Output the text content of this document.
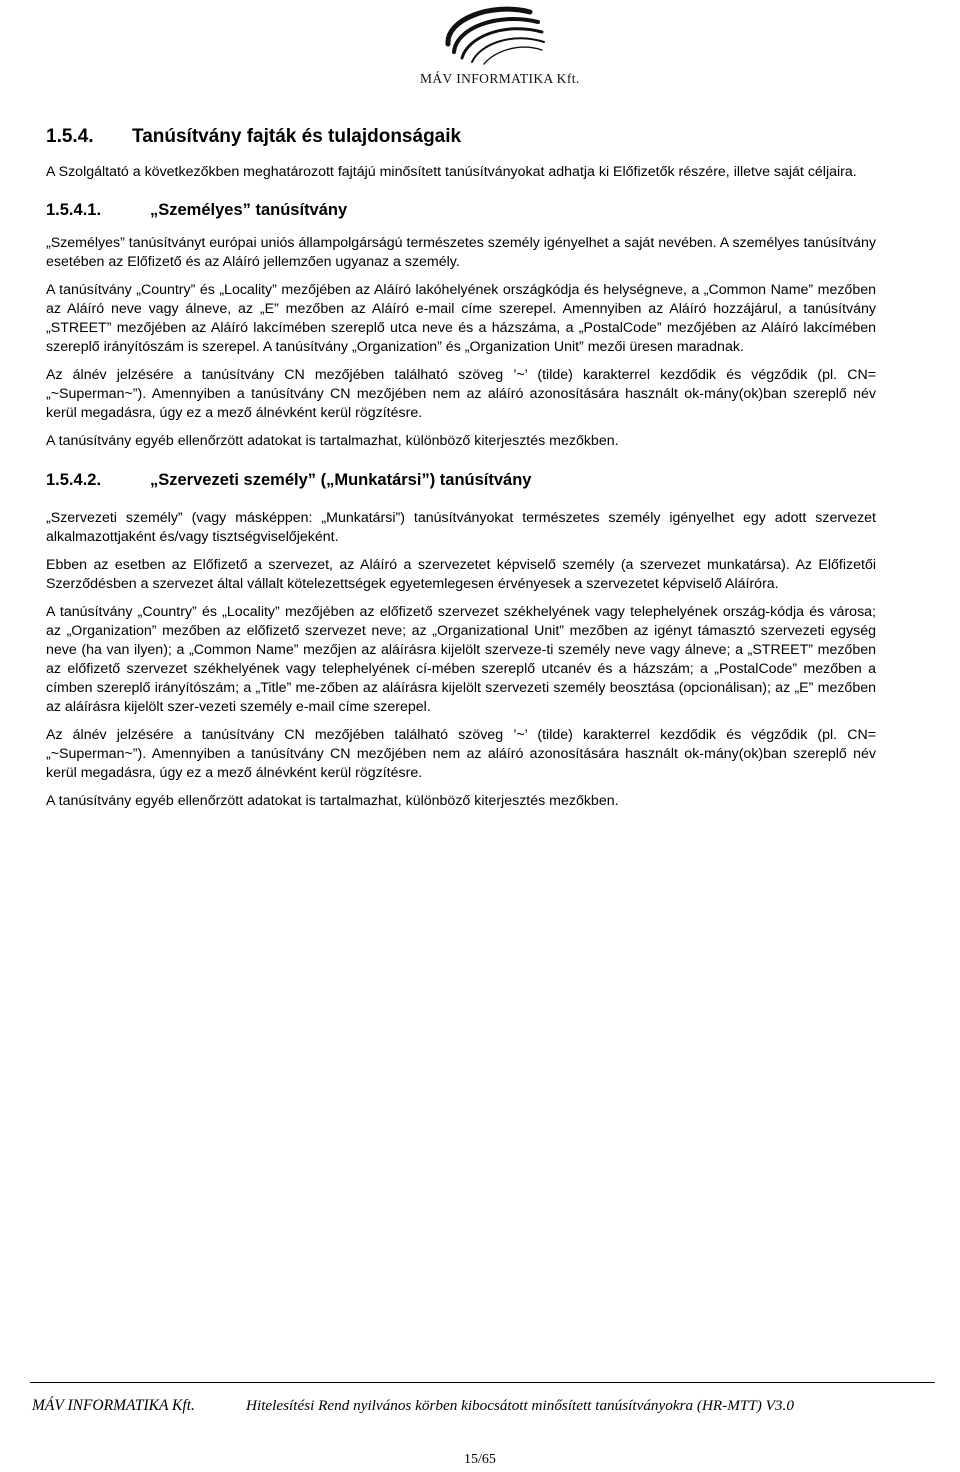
MÁV INFORMATIKA Kft.
1.5.4. Tanúsítvány fajták és tulajdonságaik

A Szolgáltató a következőkben meghatározott fajtájú minősített tanúsítványokat adhatja ki Előfizetők részére, illetve saját céljaira.

1.5.4.1.	„Személyes” tanúsítvány

„Személyes” tanúsítványt európai uniós állampolgárságú természetes személy igényelhet a saját nevében. A személyes tanúsítvány esetében az Előfizető és az Aláíró jellemzően ugyanaz a személy.

A tanúsítvány „Country” és „Locality” mezőjében az Aláíró lakóhelyének országkódja és helységneve, a „Common Name” mezőben az Aláíró neve vagy álneve, az „E” mezőben az Aláíró e-mail címe szerepel. Amennyiben az Aláíró hozzájárul, a tanúsítvány „STREET” mezőjében az Aláíró lakcímében szereplő utca neve és a házszáma, a „PostalCode” mezőjében az Aláíró lakcímében szereplő irányítószám is szerepel. A tanúsítvány „Organization” és „Organization Unit” mezői üresen maradnak.

Az álnév jelzésére a tanúsítvány CN mezőjében található szöveg ’~’ (tilde) karakterrel kezdődik és végződik (pl. CN= „~Superman~”). Amennyiben a tanúsítvány CN mezőjében nem az aláíró azonosítására használt ok-mány(ok)ban szereplő név kerül megadásra, úgy ez a mező álnévként kerül rögzítésre.

A tanúsítvány egyéb ellenőrzött adatokat is tartalmazhat, különböző kiterjesztés mezőkben.

1.5.4.2.	„Szervezeti személy” („Munkatársi”) tanúsítvány

„Szervezeti személy” (vagy másképpen: „Munkatársi”) tanúsítványokat természetes személy igényelhet egy adott szervezet alkalmazottjaként és/vagy tisztségviselőjeként.

Ebben az esetben az Előfizető a szervezet, az Aláíró a szervezetet képviselő személy (a szervezet munkatársa). Az Előfizetői Szerződésben a szervezet által vállalt kötelezettségek egyetemlegesen érvényesek a szervezetet képviselő Aláíróra.

A tanúsítvány „Country” és „Locality” mezőjében az előfizető szervezet székhelyének vagy telephelyének ország-kódja és városa; az „Organization” mezőben az előfizető szervezet neve; az „Organizational Unit” mezőben az igényt támasztó szervezeti egység neve (ha van ilyen); a „Common Name” mezőjen az aláírásra kijelölt szerveze-ti személy neve vagy álneve; a „STREET” mezőben az előfizető szervezet székhelyének vagy telephelyének cí-mében szereplő utcanév és a házszám; a „PostalCode” mezőben a címben szereplő irányítószám; a „Title” me-zőben az aláírásra kijelölt szervezeti személy beosztása (opcionálisan); az „E” mezőben az aláírásra kijelölt szer-vezeti személy e-mail címe szerepel.

Az álnév jelzésére a tanúsítvány CN mezőjében található szöveg ’~’ (tilde) karakterrel kezdődik és végződik (pl. CN= „~Superman~”). Amennyiben a tanúsítvány CN mezőjében nem az aláíró azonosítására használt ok-mány(ok)ban szereplő név kerül megadásra, úgy ez a mező álnévként kerül rögzítésre.

A tanúsítvány egyéb ellenőrzött adatokat is tartalmazhat, különböző kiterjesztés mezőkben.

MÁV INFORMATIKA Kft.	Hitelesítési Rend nyilvános körben kibocsátott minősített tanúsítványokra (HR-MTT) V3.0
15/65
